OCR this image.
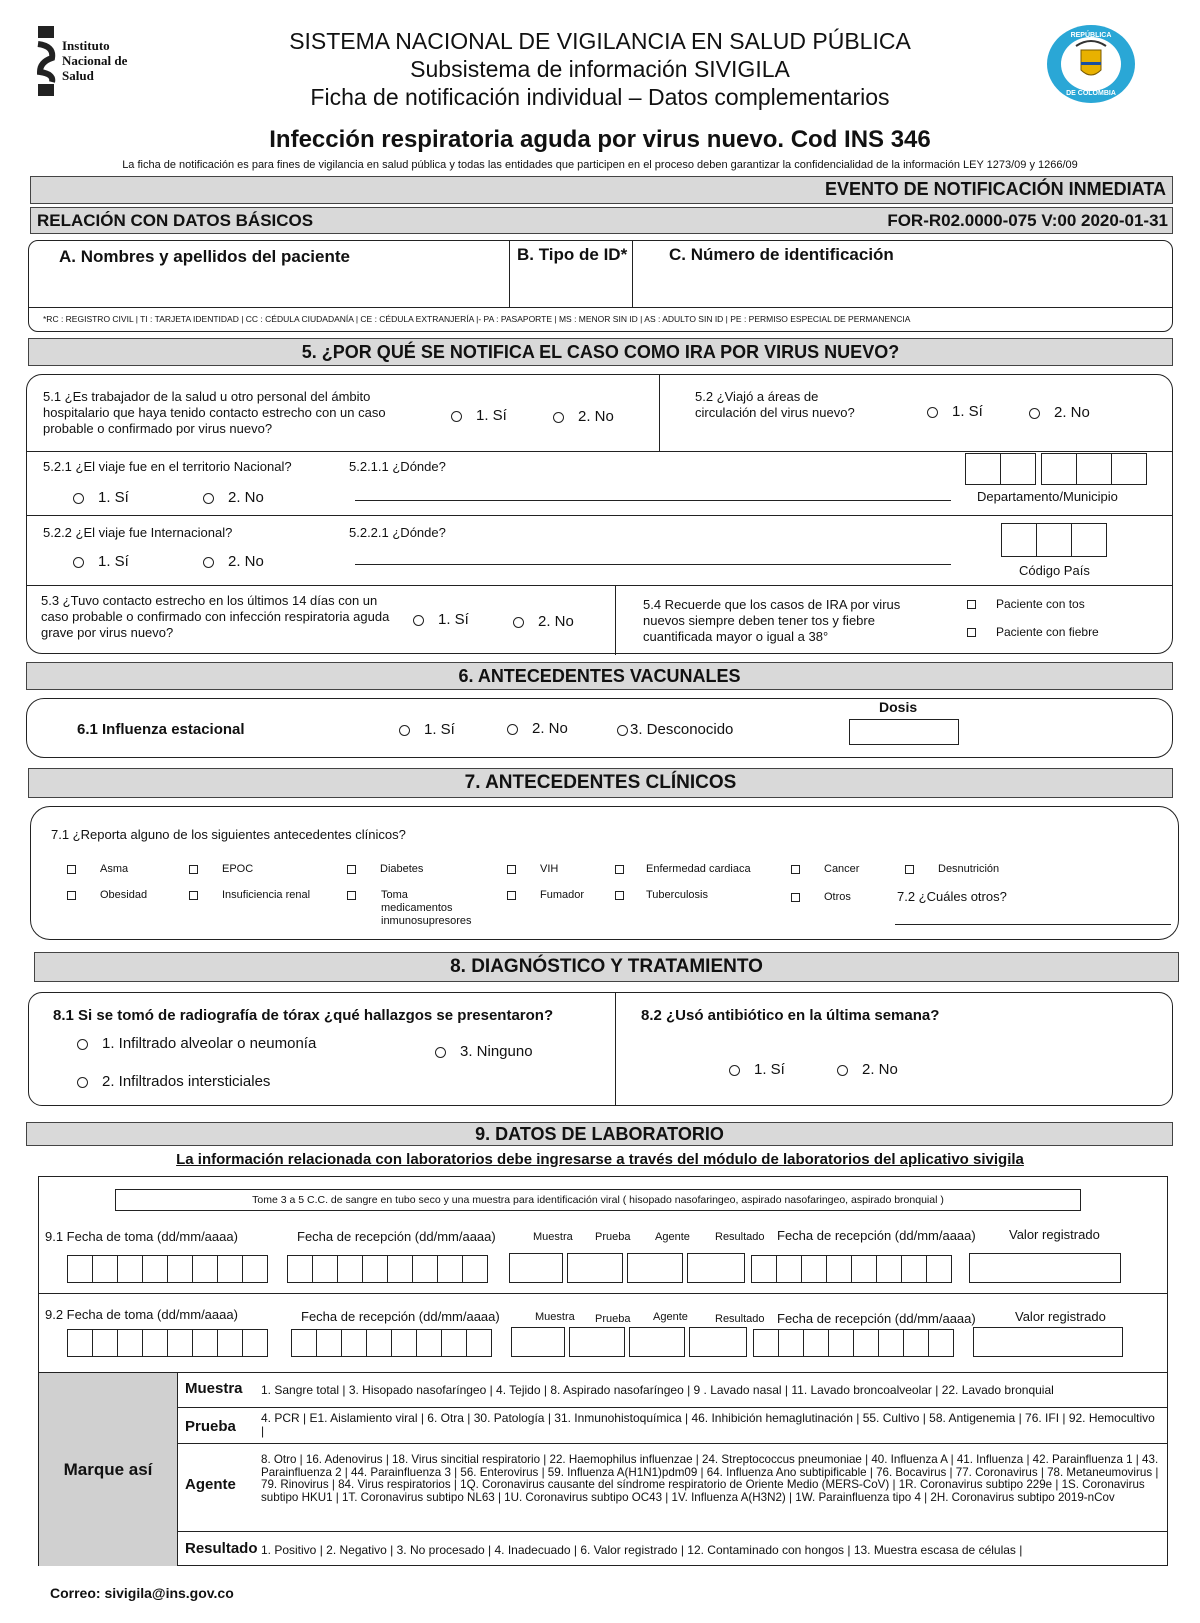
Instituto
Nacional de
Salud
SISTEMA NACIONAL DE VIGILANCIA EN SALUD PÚBLICA
Subsistema de información SIVIGILA
Ficha de notificación individual – Datos complementarios
REPÚBLICA
DE COLOMBIA
Infección respiratoria aguda por virus nuevo. Cod INS 346
La ficha de notificación es para fines de vigilancia en salud pública y todas las entidades que participen en el proceso deben garantizar la confidencialidad de la información LEY 1273/09 y 1266/09
EVENTO DE NOTIFICACIÓN INMEDIATA
RELACIÓN CON DATOS BÁSICOS	FOR-R02.0000-075 V:00 2020-01-31
A. Nombres y apellidos del paciente	B. Tipo de ID* C. Número de identificación
*RC : REGISTRO CIVIL | TI : TARJETA IDENTIDAD | CC : CÉDULA CIUDADANÍA | CE : CÉDULA EXTRANJERÍA |- PA : PASAPORTE | MS : MENOR SIN ID | AS : ADULTO SIN ID | PE : PERMISO ESPECIAL DE PERMANENCIA
5. ¿POR QUÉ SE NOTIFICA EL CASO COMO IRA POR VIRUS NUEVO?
5.1 ¿Es trabajador de la salud u otro personal del ámbito hospitalario que haya tenido contacto estrecho con un caso probable o confirmado por virus nuevo?
1. Sí	2. No
5.2 ¿Viajó a áreas de circulación del virus nuevo?	1. Sí	2. No
5.2.1 ¿El viaje fue en el territorio Nacional?	5.2.1.1 ¿Dónde?
1. Sí	2. No	Departamento/Municipio
5.2.2 ¿El viaje fue Internacional?	5.2.2.1 ¿Dónde?
1. Sí	2. No
Código País
5.3 ¿Tuvo contacto estrecho en los últimos 14 días con un caso probable o confirmado con infección respiratoria aguda grave por virus nuevo?
1. Sí	2. No
5.4 Recuerde que los casos de IRA por virus nuevos siempre deben tener tos y fiebre cuantificada mayor o igual a 38°
Paciente con tos
Paciente con fiebre
6. ANTECEDENTES VACUNALES
6.1 Influenza estacional	1. Sí	2. No	3. Desconocido
Dosis
7. ANTECEDENTES CLÍNICOS
7.1 ¿Reporta alguno de los siguientes antecedentes clínicos?
Asma	EPOC	Diabetes	VIH	Enfermedad cardiaca	Cancer	Desnutrición
Obesidad	Insuficiencia renal	Toma medicamentos inmunosupresores
Fumador	Tuberculosis	Otros	7.2 ¿Cuáles otros?
8. DIAGNÓSTICO Y TRATAMIENTO
8.1 Si se tomó de radiografía de tórax ¿qué hallazgos se presentaron?
1. Infiltrado alveolar o neumonía
2. Infiltrados intersticiales
3. Ninguno
8.2 ¿Usó antibiótico en la última semana?
1. Sí	2. No
9. DATOS DE LABORATORIO
La información relacionada con laboratorios debe ingresarse a través del módulo de laboratorios del aplicativo sivigila
Tome 3 a 5 C.C. de sangre en tubo seco y una muestra para identificación viral ( hisopado nasofaringeo, aspirado nasofaringeo, aspirado bronquial )
9.1 Fecha de toma (dd/mm/aaaa)	Fecha de recepción (dd/mm/aaaa)	Muestra Prueba Agente Resultado Fecha de recepción (dd/mm/aaaa)	Valor registrado
9.2 Fecha de toma (dd/mm/aaaa)	Fecha de recepción (dd/mm/aaaa)	Muestra Prueba Agente Resultado Fecha de recepción (dd/mm/aaaa)	Valor registrado
Marque así
Muestra 1. Sangre total | 3. Hisopado nasofaríngeo | 4. Tejido | 8. Aspirado nasofaríngeo | 9 . Lavado nasal | 11. Lavado broncoalveolar | 22. Lavado bronquial
Prueba 4. PCR | E1. Aislamiento viral | 6. Otra | 30. Patología | 31. Inmunohistoquímica | 46. Inhibición hemaglutinación | 55. Cultivo | 58. Antigenemia | 76. IFI | 92. Hemocultivo |
Agente
8. Otro | 16. Adenovirus | 18. Virus sincitial respiratorio | 22. Haemophilus influenzae | 24. Streptococcus pneumoniae | 40. Influenza A | 41. Influenza | 42. Parainfluenza 1 | 43. Parainfluenza 2 | 44. Parainfluenza 3 | 56. Enterovirus | 59. Influenza A(H1N1)pdm09 | 64. Influenza Ano subtipificable | 76. Bocavirus | 77. Coronavirus | 78. Metaneumovirus | 79. Rinovirus | 84. Virus respiratorios | 1Q. Coronavirus causante del síndrome respiratorio de Oriente Medio (MERS-CoV) | 1R. Coronavirus subtipo 229e | 1S. Coronavirus subtipo HKU1 | 1T. Coronavirus subtipo NL63 | 1U. Coronavirus subtipo OC43 | 1V. Influenza A(H3N2) | 1W. Parainfluenza tipo 4 | 2H. Coronavirus subtipo 2019-nCov
Resultado 1. Positivo | 2. Negativo | 3. No procesado | 4. Inadecuado | 6. Valor registrado | 12. Contaminado con hongos | 13. Muestra escasa de células |
Correo: sivigila@ins.gov.co
